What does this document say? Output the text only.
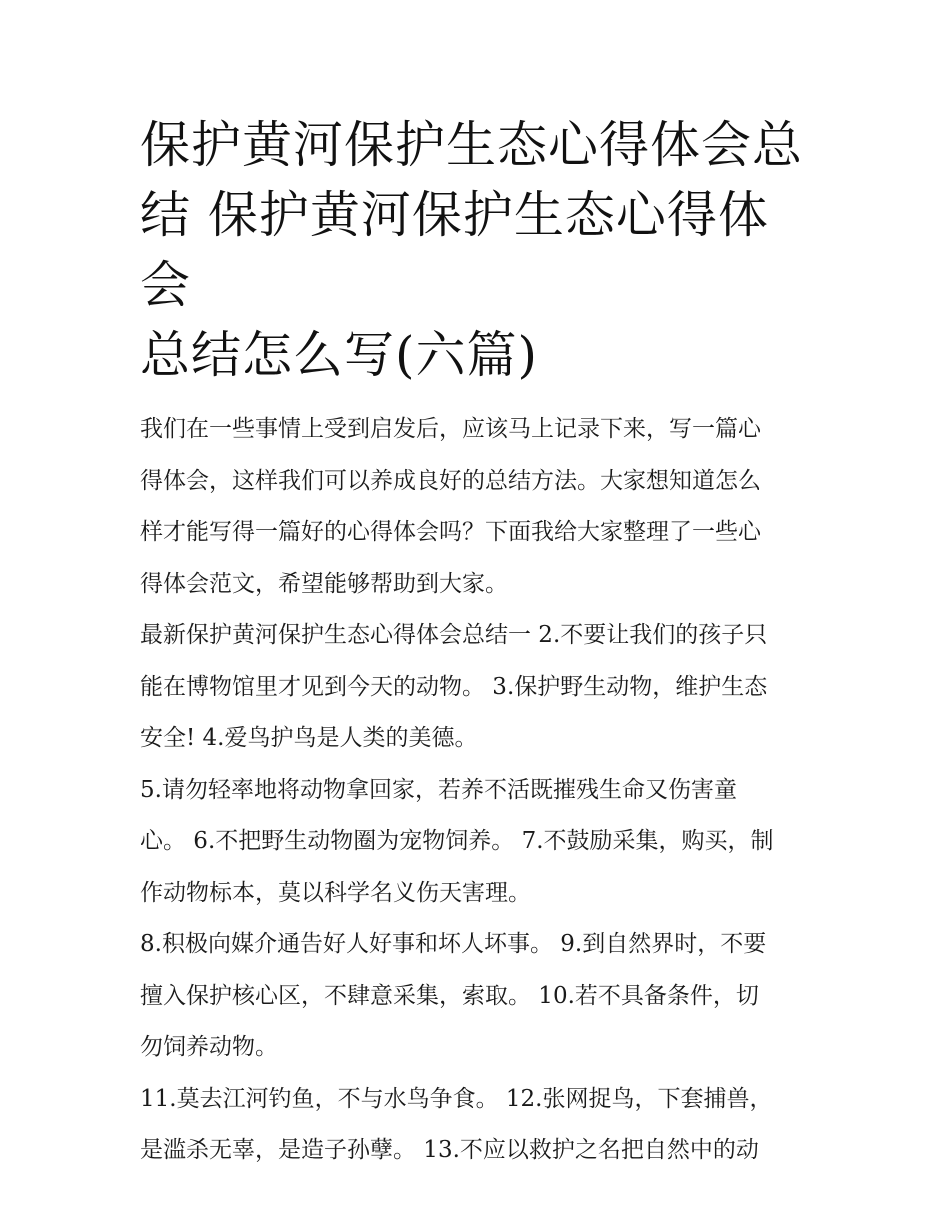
保护黄河保护生态心得体会总
结 保护黄河保护生态心得体会
总结怎么写(六篇)
我们在一些事情上受到启发后，应该马上记录下来，写一篇心
得体会，这样我们可以养成良好的总结方法。大家想知道怎么
样才能写得一篇好的心得体会吗？下面我给大家整理了一些心
得体会范文，希望能够帮助到大家。
最新保护黄河保护生态心得体会总结一 2.不要让我们的孩子只
能在博物馆里才见到今天的动物。 3.保护野生动物，维护生态
安全! 4.爱鸟护鸟是人类的美德。
5.请勿轻率地将动物拿回家，若养不活既摧残生命又伤害童
心。 6.不把野生动物圈为宠物饲养。 7.不鼓励采集，购买，制
作动物标本，莫以科学名义伤天害理。
8.积极向媒介通告好人好事和坏人坏事。 9.到自然界时，不要
擅入保护核心区，不肆意采集，索取。 10.若不具备条件，切
勿饲养动物。
11.莫去江河钓鱼，不与水鸟争食。 12.张网捉鸟，下套捕兽，
是滥杀无辜，是造子孙孽。 13.不应以救护之名把自然中的动
